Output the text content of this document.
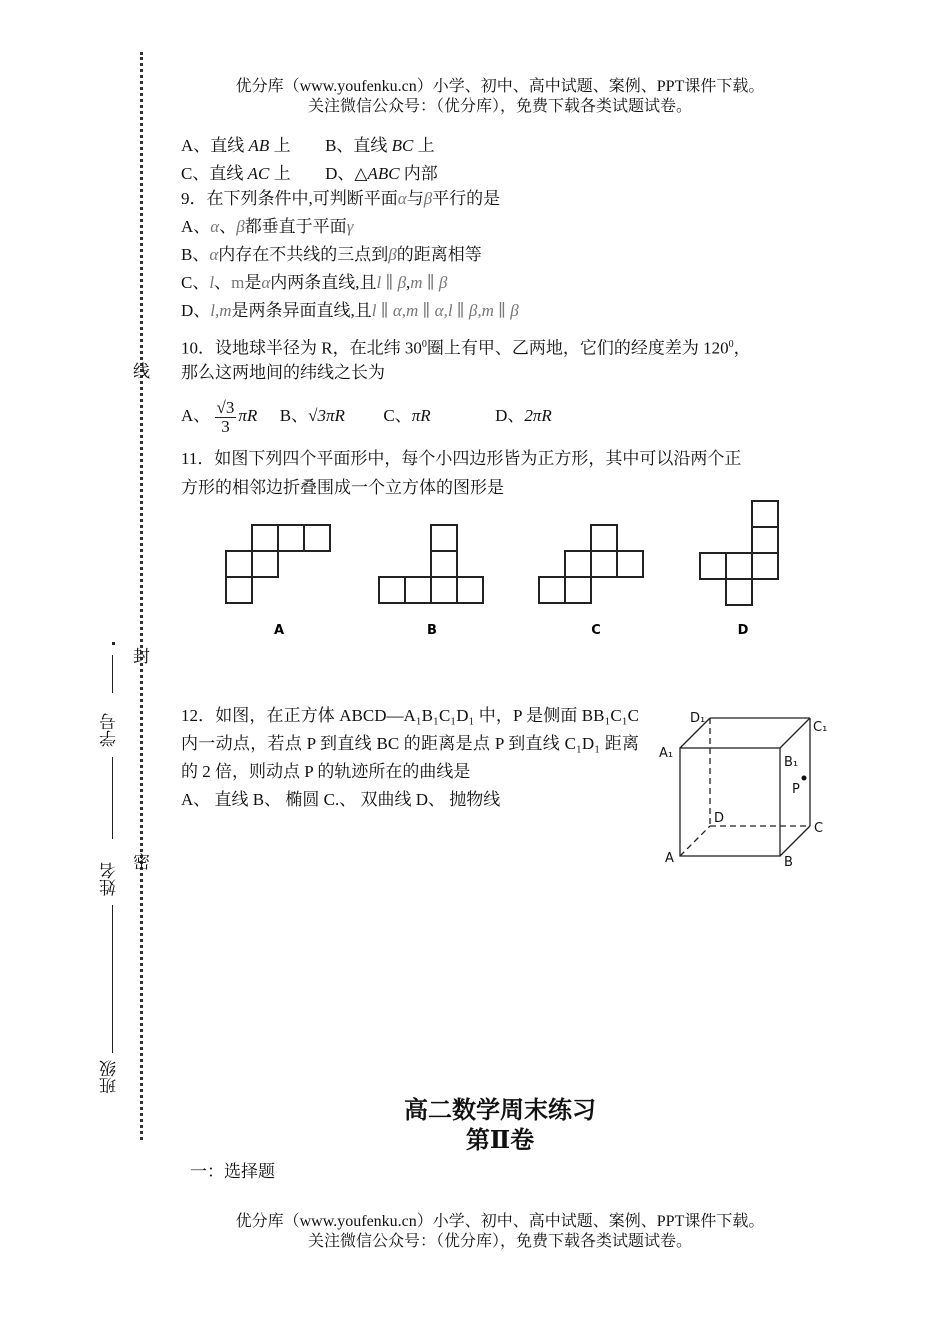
优分库（www.youfenku.cn）小学、初中、高中试题、案例、PPT课件下载。
关注微信公众号：（优分库），免费下载各类试题试卷。
线
封
密
学号
姓名
班级
A、直线 AB 上 B、直线 BC 上
C、直线 AC 上 D、△ABC 内部
9．在下列条件中,可判断平面α与β平行的是
A、α、β都垂直于平面γ
B、α内存在不共线的三点到β的距离相等
C、l、m是α内两条直线,且l ∥ β,m ∥ β
D、l,m是两条异面直线,且l ∥ α,m ∥ α,l ∥ β,m ∥ β
10．设地球半径为 R，在北纬 $30^0$圈上有甲、乙两地，它们的经度差为 $120^0$，
那么这两地间的纬线之长为
A、 $\frac{√3}{3}$ πR B、√3πR C、πR	D、2πR
11．如图下列四个平面形中，每个小四边形皆为正方形，其中可以沿两个正
方形的相邻边折叠围成一个立方体的图形是
A	B	C	D
12．如图，在正方体 ABCD—A₁B₁C₁D₁ 中，P 是侧面 BB₁C₁C 内一动点，若点 P 到直线 BC 的距离是点 P 到直线 C₁D₁ 距离的 2 倍，则动点 P 的轨迹所在的曲线是
A、 直线 B、 椭圆 C.、 双曲线 D、 抛物线
D₁
C₁
A₁
B₁
P
D
C
A	B
高二数学周末练习
第Ⅱ卷
一：选择题
优分库（www.youfenku.cn）小学、初中、高中试题、案例、PPT课件下载。
关注微信公众号：（优分库），免费下载各类试题试卷。
